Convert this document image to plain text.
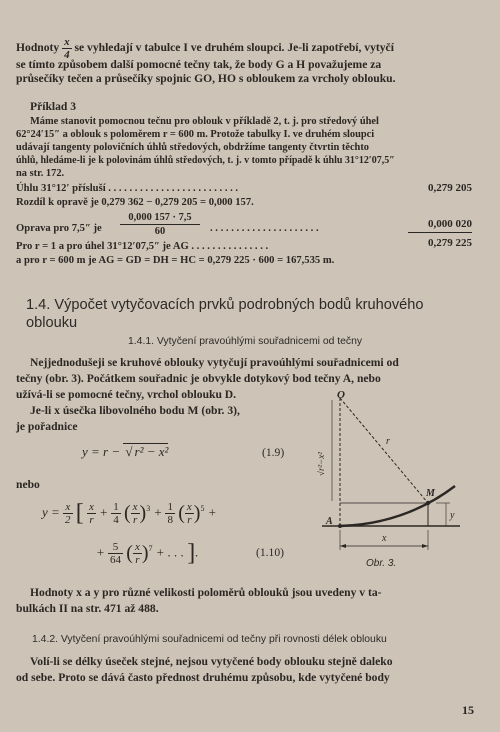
Hodnoty $\frac{x}{4}$ se vyhledají v tabulce I ve druhém sloupci. Je-li zapotřebí, vytyčí
se tímto způsobem další pomocné tečny tak, že body G a H považujeme za
průsečíky tečen a průsečíky spojnic GO, HO s obloukem za vrcholy oblouku.
Příklad 3
Máme stanovit pomocnou tečnu pro oblouk v příkladě 2, t. j. pro středový úhel
62°24′15″ a oblouk s poloměrem r = 600 m. Protože tabulky I. ve druhém sloupci
udávají tangenty polovičních úhlů středových, obdržíme tangenty čtvrtin těchto
úhlů, hledáme-li je k polovinám úhlů středových, t. j. v tomto případě k úhlu 31°12′07,5″
na str. 172.
Úhlu 31°12′ přísluší . . . . . . . . . . . . . . . . . . . . . . . . .	0,279 205
Rozdíl k opravě je 0,279 362 − 0,279 205 = 0,000 157.
Oprava pro 7,5″ je
0,000 157 · 7,5
60	. . . . . . . . . . . . . . . . . . . . .	0,000 020
Pro r = 1 a pro úhel 31°12′07,5″ je AG . . . . . . . . . . . . . . .	0,279 225
a pro r = 600 m je AG = GD = DH = HC = 0,279 225 · 600 = 167,535 m.
1.4. Výpočet vytyčovacích prvků podrobných bodů kruhového
oblouku
1.4.1. Vytyčení pravoúhlými souřadnicemi od tečny
Nejjednodušeji se kruhové oblouky vytyčují pravoúhlými souřadnicemi od
tečny (obr. 3). Počátkem souřadnic je obvykle dotykový bod tečny A, nebo
užívá-li se pomocné tečny, vrchol oblouku D.
Je-li x úsečka libovolného bodu M (obr. 3),
je pořadnice
y = r − √ r² − x²	(1.9)
nebo
$y = \frac{x}{2}$ [ $\frac{x}{r} + \frac{1}{4}$ ( $\frac{x}{r} )^3 + \frac{1}{8}$ ( $\frac{x}{r} )^5$ +
+ $\frac{5}{64}$ ( $\frac{x}{r} )^7$ + . . . ].	(1.10)
O
r
√r²−x²
M
A
y
x
Obr. 3.
Hodnoty x a y pro různé velikosti poloměrů oblouků jsou uvedeny v ta-
bulkách II na str. 471 až 488.
1.4.2. Vytyčení pravoúhlými souřadnicemi od tečny při rovnosti délek oblouku
Volí-li se délky úseček stejné, nejsou vytyčené body oblouku stejně daleko
od sebe. Proto se dává často přednost druhému způsobu, kde vytyčené body
15
